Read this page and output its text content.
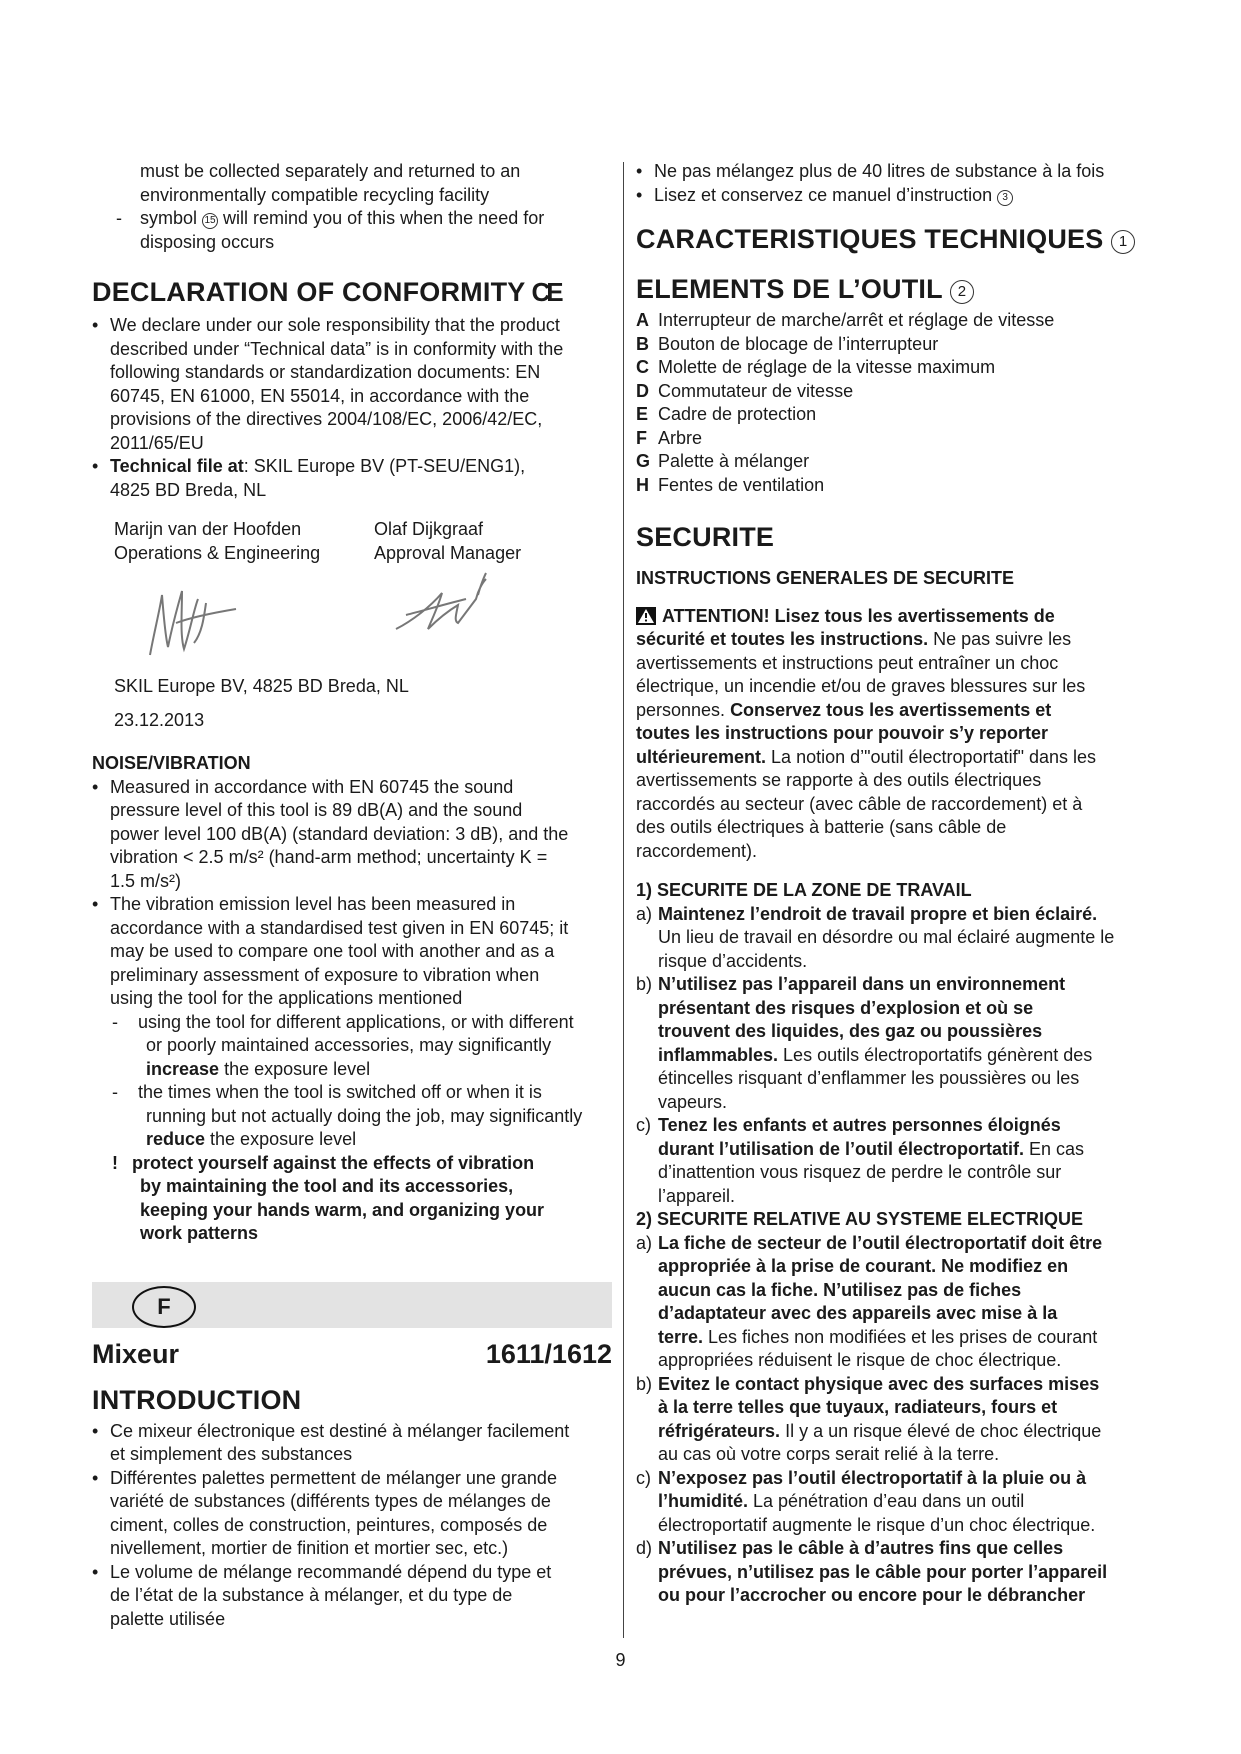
must be collected separately and returned to an
environmentally compatible recycling facility
- symbol 15 will remind you of this when the need for
disposing occurs
DECLARATION OF CONFORMITY CE
• We declare under our sole responsibility that the product
described under “Technical data” is in conformity with the
following standards or standardization documents: EN
60745, EN 61000, EN 55014, in accordance with the
provisions of the directives 2004/108/EC, 2006/42/EC,
2011/65/EU
• Technical file at: SKIL Europe BV (PT-SEU/ENG1),
4825 BD Breda, NL
Marijn van der Hoofden
Operations & Engineering
Olaf Dijkgraaf
Approval Manager
SKIL Europe BV, 4825 BD Breda, NL
23.12.2013
NOISE/VIBRATION
• Measured in accordance with EN 60745 the sound
pressure level of this tool is 89 dB(A) and the sound
power level 100 dB(A) (standard deviation: 3 dB), and the
vibration < 2.5 m/s² (hand-arm method; uncertainty K =
1.5 m/s²)
• The vibration emission level has been measured in
accordance with a standardised test given in EN 60745; it
may be used to compare one tool with another and as a
preliminary assessment of exposure to vibration when
using the tool for the applications mentioned
- using the tool for different applications, or with different
or poorly maintained accessories, may significantly
increase the exposure level
- the times when the tool is switched off or when it is
running but not actually doing the job, may significantly
reduce the exposure level
! protect yourself against the effects of vibration
by maintaining the tool and its accessories,
keeping your hands warm, and organizing your
work patterns
F
Mixeur	1611/1612
INTRODUCTION
• Ce mixeur électronique est destiné à mélanger facilement
et simplement des substances
• Différentes palettes permettent de mélanger une grande
variété de substances (différents types de mélanges de
ciment, colles de construction, peintures, composés de
nivellement, mortier de finition et mortier sec, etc.)
• Le volume de mélange recommandé dépend du type et
de l’état de la substance à mélanger, et du type de
palette utilisée
• Ne pas mélangez plus de 40 litres de substance à la fois
• Lisez et conservez ce manuel d’instruction 3
CARACTERISTIQUES TECHNIQUES 1
ELEMENTS DE L’OUTIL 2
A Interrupteur de marche/arrêt et réglage de vitesse
B Bouton de blocage de l’interrupteur
C Molette de réglage de la vitesse maximum
D Commutateur de vitesse
E Cadre de protection
F Arbre
G Palette à mélanger
H Fentes de ventilation
SECURITE
INSTRUCTIONS GENERALES DE SECURITE
ATTENTION! Lisez tous les avertissements de
sécurité et toutes les instructions. Ne pas suivre les
avertissements et instructions peut entraîner un choc
électrique, un incendie et/ou de graves blessures sur les
personnes. Conservez tous les avertissements et
toutes les instructions pour pouvoir s’y reporter
ultérieurement. La notion d’"outil électroportatif" dans les
avertissements se rapporte à des outils électriques
raccordés au secteur (avec câble de raccordement) et à
des outils électriques à batterie (sans câble de
raccordement).
1) SECURITE DE LA ZONE DE TRAVAIL
a) Maintenez l’endroit de travail propre et bien éclairé.
Un lieu de travail en désordre ou mal éclairé augmente le
risque d’accidents.
b) N’utilisez pas l’appareil dans un environnement
présentant des risques d’explosion et où se
trouvent des liquides, des gaz ou poussières
inflammables. Les outils électroportatifs génèrent des
étincelles risquant d’enflammer les poussières ou les
vapeurs.
c) Tenez les enfants et autres personnes éloignés
durant l’utilisation de l’outil électroportatif. En cas
d’inattention vous risquez de perdre le contrôle sur
l’appareil.
2) SECURITE RELATIVE AU SYSTEME ELECTRIQUE
a) La fiche de secteur de l’outil électroportatif doit être
appropriée à la prise de courant. Ne modifiez en
aucun cas la fiche. N’utilisez pas de fiches
d’adaptateur avec des appareils avec mise à la
terre. Les fiches non modifiées et les prises de courant
appropriées réduisent le risque de choc électrique.
b) Evitez le contact physique avec des surfaces mises
à la terre telles que tuyaux, radiateurs, fours et
réfrigérateurs. Il y a un risque élevé de choc électrique
au cas où votre corps serait relié à la terre.
c) N’exposez pas l’outil électroportatif à la pluie ou à
l’humidité. La pénétration d’eau dans un outil
électroportatif augmente le risque d’un choc électrique.
d) N’utilisez pas le câble à d’autres fins que celles
prévues, n’utilisez pas le câble pour porter l’appareil
ou pour l’accrocher ou encore pour le débrancher
9
